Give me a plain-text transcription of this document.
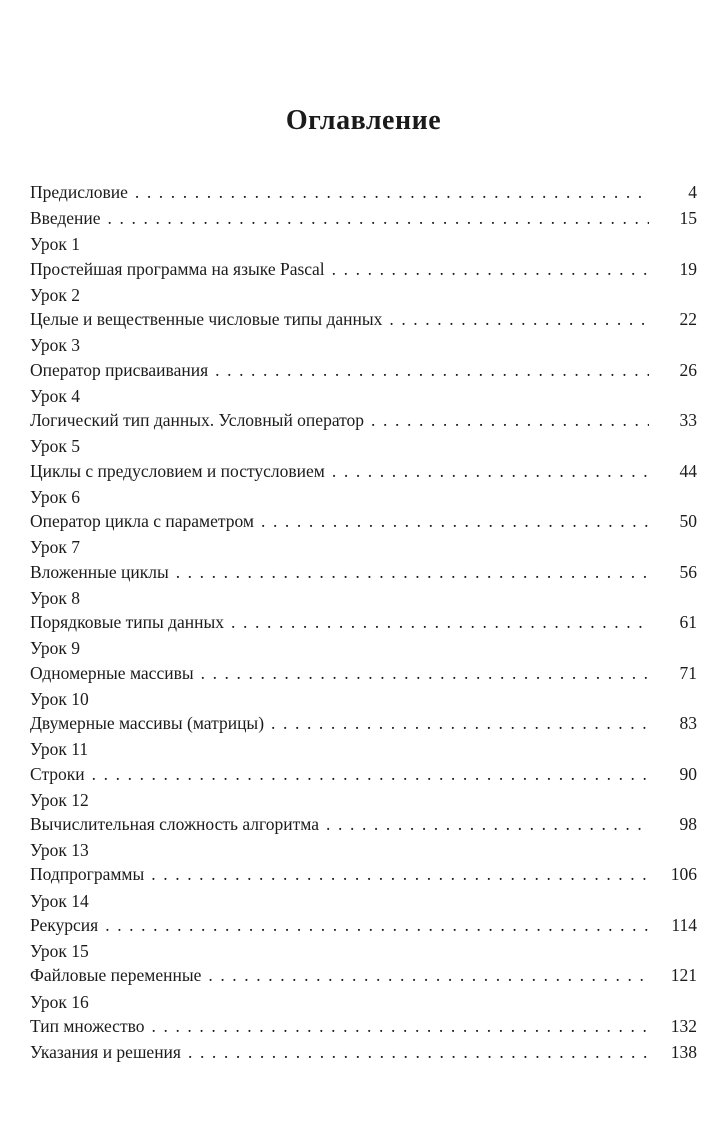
Оглавление
Предисловие .....	4
Введение .....	15
Урок 1
Простейшая программа на языке Pascal .....	19
Урок 2
Целые и вещественные числовые типы данных .....	22
Урок 3
Оператор присваивания .....	26
Урок 4
Логический тип данных. Условный оператор .....	33
Урок 5
Циклы с предусловием и постусловием .....	44
Урок 6
Оператор цикла с параметром .....	50
Урок 7
Вложенные циклы .....	56
Урок 8
Порядковые типы данных .....	61
Урок 9
Одномерные массивы .....	71
Урок 10
Двумерные массивы (матрицы) .....	83
Урок 11
Строки .....	90
Урок 12
Вычислительная сложность алгоритма .....	98
Урок 13
Подпрограммы .....	106
Урок 14
Рекурсия .....	114
Урок 15
Файловые переменные .....	121
Урок 16
Тип множество .....	132
Указания и решения .....	138
